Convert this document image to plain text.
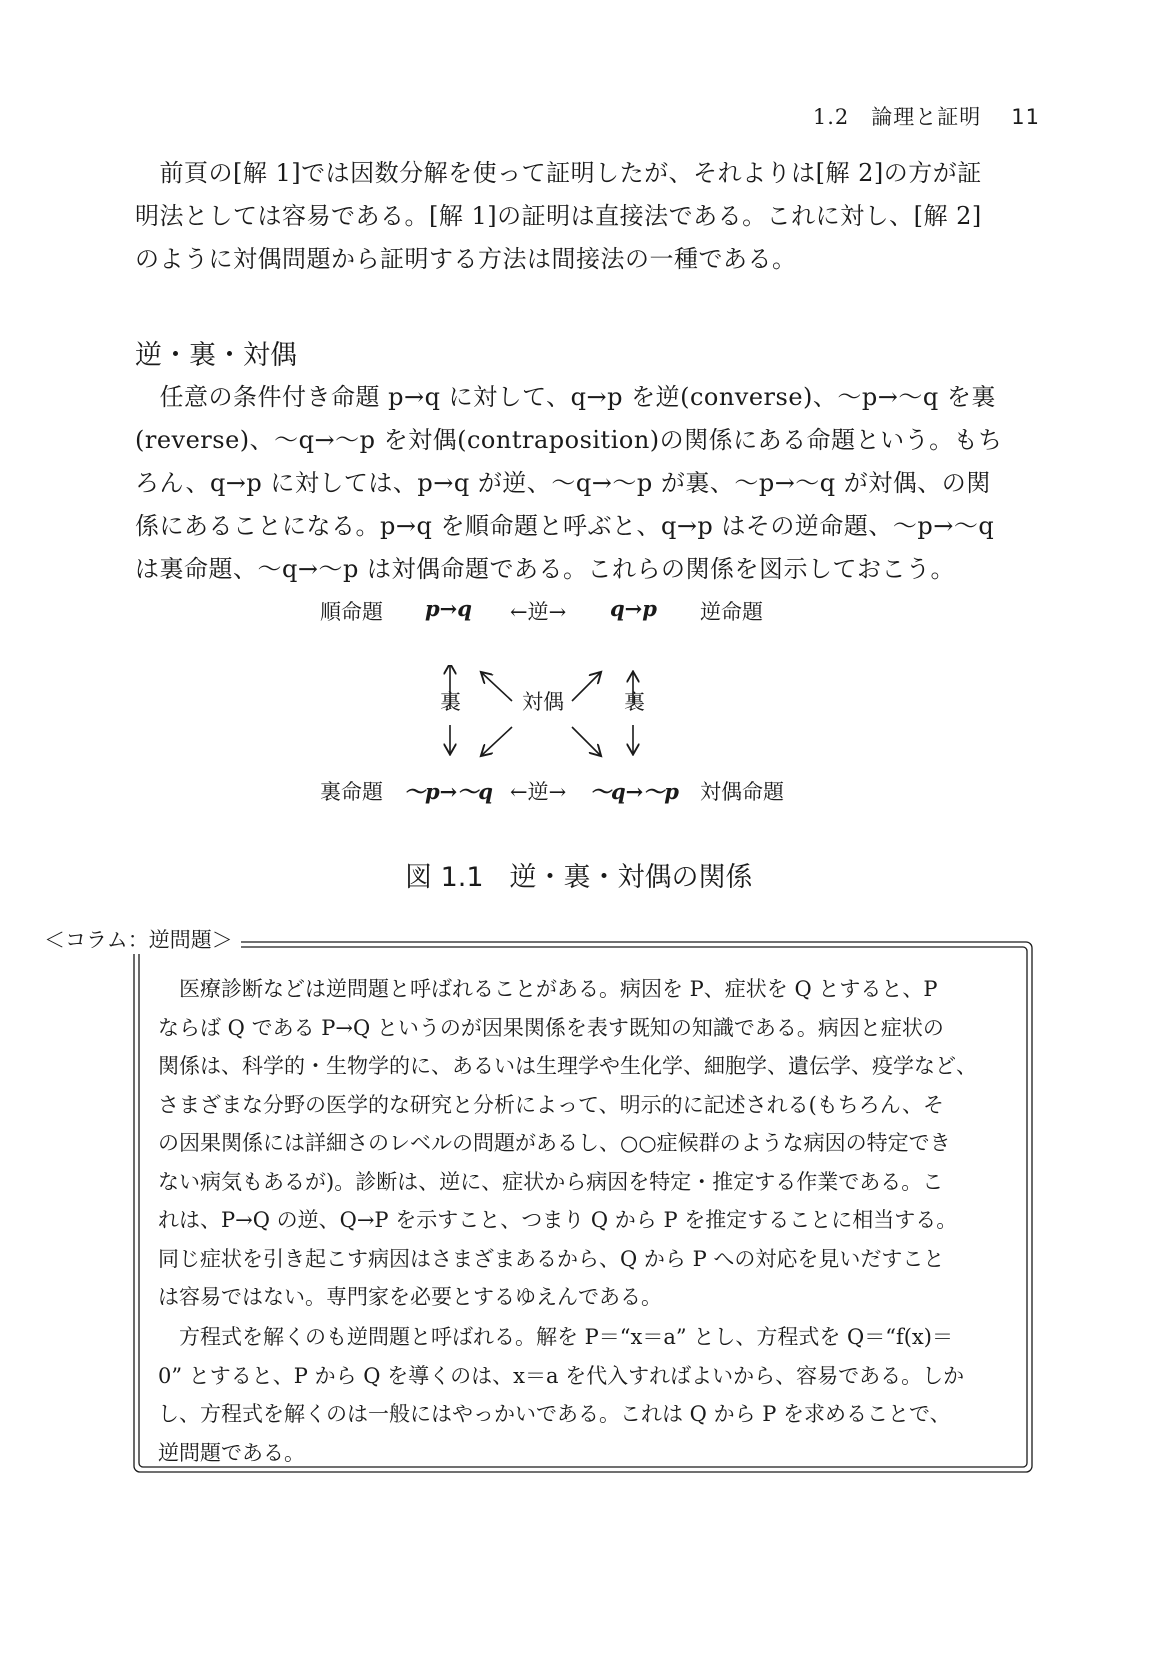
1.2　論理と証明 11

　前頁の[解 1]では因数分解を使って証明したが、それよりは[解 2]の方が証
明法としては容易である。[解 1]の証明は直接法である。これに対し、[解 2]
のように対偶問題から証明する方法は間接法の一種である。

逆・裏・対偶

　任意の条件付き命題 p→q に対して、q→p を逆(converse)、〜p→〜q を裏
(reverse)、〜q→〜p を対偶(contraposition)の関係にある命題という。もち
ろん、q→p に対しては、p→q が逆、〜q→〜p が裏、〜p→〜q が対偶、の関
係にあることになる。p→q を順命題と呼ぶと、q→p はその逆命題、〜p→〜q
は裏命題、〜q→〜p は対偶命題である。これらの関係を図示しておこう。

順命題 p→q ←逆→ q→p 逆命題
裏	対偶	裏
裏命題 〜p→〜q ←逆→ 〜q→〜p 対偶命題
図 1.1 逆・裏・対偶の関係
＜コラム：逆問題＞

　医療診断などは逆問題と呼ばれることがある。病因を P、症状を Q とすると、P
ならば Q である P→Q というのが因果関係を表す既知の知識である。病因と症状の
関係は、科学的・生物学的に、あるいは生理学や生化学、細胞学、遺伝学、疫学など、
さまざまな分野の医学的な研究と分析によって、明示的に記述される(もちろん、そ
の因果関係には詳細さのレベルの問題があるし、○○症候群のような病因の特定でき
ない病気もあるが)。診断は、逆に、症状から病因を特定・推定する作業である。こ
れは、P→Q の逆、Q→P を示すこと、つまり Q から P を推定することに相当する。
同じ症状を引き起こす病因はさまざまあるから、Q から P への対応を見いだすこと
は容易ではない。専門家を必要とするゆえんである。

　方程式を解くのも逆問題と呼ばれる。解を P＝“x＝a” とし、方程式を Q＝“f(x)＝
0” とすると、P から Q を導くのは、x＝a を代入すればよいから、容易である。しか
し、方程式を解くのは一般にはやっかいである。これは Q から P を求めることで、
逆問題である。
